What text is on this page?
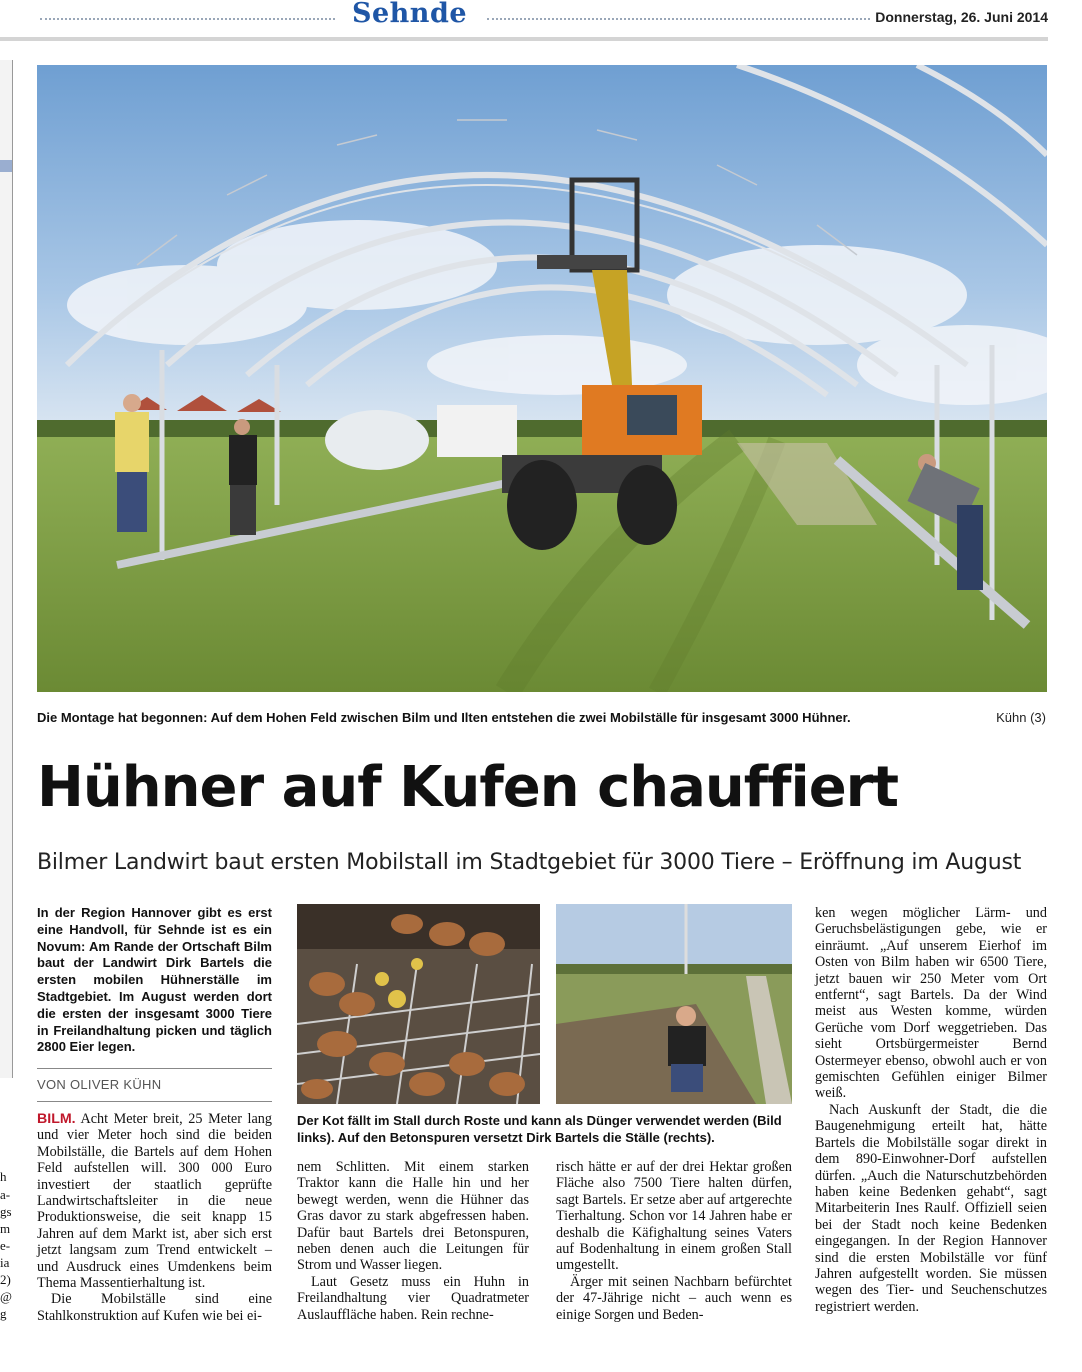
Sehnde	Donnerstag, 26. Juni 2014
h
a-
gs
m
e-
ia
2)
@
g
Die Montage hat begonnen: Auf dem Hohen Feld zwischen Bilm und Ilten entstehen die zwei Mobilställe für insgesamt 3000 Hühner.	Kühn (3)
Hühner auf Kufen chauffiert
Bilmer Landwirt baut ersten Mobilstall im Stadtgebiet für 3000 Tiere – Eröffnung im August
In der Region Hannover gibt es erst eine Handvoll, für Sehnde ist es ein Novum: Am Rande der Ortschaft Bilm baut der Landwirt Dirk Bartels die ersten mobilen Hühnerställe im Stadtgebiet. Im August werden dort die ersten der insgesamt 3000 Tiere in Freilandhaltung picken und täglich 2800 Eier legen.
VON OLIVER KÜHN

BILM. Acht Meter breit, 25 Meter lang und vier Meter hoch sind die beiden Mobilställe, die Bartels auf dem Hohen Feld aufstellen will. 300 000 Euro investiert der staatlich geprüfte Landwirtschaftsleiter in die neue Produktionsweise, die seit knapp 15 Jahren auf dem Markt ist, aber sich erst jetzt langsam zum Trend entwickelt – und Ausdruck eines Umdenkens beim Thema Massentierhaltung ist.

Die Mobilställe sind eine Stahlkonstruktion auf Kufen wie bei ei-

Der Kot fällt im Stall durch Roste und kann als Dünger verwendet werden (Bild links). Auf den Betonspuren versetzt Dirk Bartels die Ställe (rechts).

nem Schlitten. Mit einem starken Traktor kann die Halle hin und her bewegt werden, wenn die Hühner das Gras davor zu stark abgefressen haben. Dafür baut Bartels drei Betonspuren, neben denen auch die Leitungen für Strom und Wasser liegen.

Laut Gesetz muss ein Huhn in Freilandhaltung vier Quadratmeter Auslauffläche haben. Rein rechne-

risch hätte er auf der drei Hektar großen Fläche also 7500 Tiere halten dürfen, sagt Bartels. Er setze aber auf artgerechte Tierhaltung. Schon vor 14 Jahren habe er deshalb die Käfighaltung seines Vaters auf Bodenhaltung in einem großen Stall umgestellt.

Ärger mit seinen Nachbarn befürchtet der 47-Jährige nicht – auch wenn es einige Sorgen und Beden-

ken wegen möglicher Lärm- und Geruchsbelästigungen gebe, wie er einräumt. „Auf unserem Eierhof im Osten von Bilm haben wir 6500 Tiere, jetzt bauen wir 250 Meter vom Ort entfernt“, sagt Bartels. Da der Wind meist aus Westen komme, würden Gerüche vom Dorf weggetrieben. Das sieht Ortsbürgermeister Bernd Ostermeyer ebenso, obwohl auch er von gemischten Gefühlen einiger Bilmer weiß.

Nach Auskunft der Stadt, die die Baugenehmigung erteilt hat, hätte Bartels die Mobilställe sogar direkt in dem 890-Einwohner-Dorf aufstellen dürfen. „Auch die Naturschutzbehörden haben keine Bedenken gehabt“, sagt Mitarbeiterin Ines Raulf. Offiziell seien bei der Stadt noch keine Bedenken eingegangen. In der Region Hannover sind die ersten Mobilställe vor fünf Jahren aufgestellt worden. Sie müssen wegen des Tier- und Seuchenschutzes registriert werden.
